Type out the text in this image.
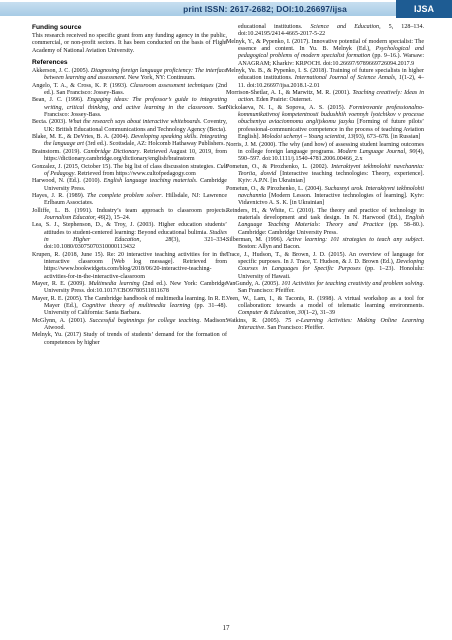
print ISSN: 2617-2682; DOI:10.26697/ijsa	IJSA
Funding source

This research received no specific grant from any funding agency in the public, commercial, or non-profit sectors. It has been conducted on the basis of Flight Academy of National Aviation University.

References

Akkerson, J. C. (2005). Diagnosing foreign language proficiency: The interface between learning and assessment. New York, NY: Continuum.

Angelo, T. A., & Cross, K. P. (1993). Classroom assessment techniques (2nd ed.). San Francisco: Jossey-Bass.

Bean, J. C. (1996). Engaging ideas: The professor’s guide to integrating writing, critical thinking, and active learning in the classroom. San Francisco: Jossey-Bass.

Becta. (2003). What the research says about interactive whiteboards. Coventry, UK: British Educational Communications and Technology Agency (Becta).

Blake, M. E., & DeVries, B. A. (2004). Developing speaking skills. Integrating the language art (3rd ed.). Scottsdale, AZ: Holcomb Hathaway Publishers.

Brainstorm. (2019). Cambridge Dictionary. Retrieved August 10, 2019, from https://dictionary.cambridge.org/dictionary/english/brainstorm

Gonzalez, J. (2015, October 15). The big list of class discussion strategies. Cult of Pedagogy. Retrieved from https://www.cultofpedagogy.com

Harwood, N. (Ed.). (2010). English language teaching materials. Cambridge University Press.

Hayes, J. R. (1989). The complete problem solver. Hillsdale, NJ: Lawrence Erlbaum Associates.

Jolliffe, L. B. (1991). Industry’s team approach to classroom projects. Journalism Educator, 46(2), 15–24.

Lea, S. J., Stephenson, D., & Troy, J. (2003). Higher education students’ attitudes to student-centered learning: Beyond educational bulimia. Studies in Higher Education, 28(3), 321–334. doi:10.1080/03075070310000113432

Krupen, R. (2018, June 15). Re: 20 interactive teaching activities for in the interactive classroom [Web log message]. Retrieved from https://www.bookwidgets.com/blog/2018/06/20-interactive-teaching-activities-for-in-the-interactive-classroom

Mayer, R. E. (2009). Multimedia learning (2nd ed.). New York: Cambridge University Press. doi:10.1017/CBO9780511811678

Mayer, R. E. (2005). The Cambridge handbook of multimedia learning. In R. E. Mayer (Ed.), Cognitive theory of multimedia learning (pp. 31–48). University of California: Santa Barbara.

McGlynn, A. (2001). Successful beginnings for college teaching. Madison: Atwood.

Melnyk, Yu. (2017) Study of trends of students’ demand for the formation of competences by higher

educational institutions. Science and Education, 5, 128–134. doi:10.24195/2414-4665-2017-5-22

Melnyk, Y., & Pypenko, I. (2017). Innovative potential of modern specialist: The essence and content. In Yu. B. Melnyk (Ed.), Psychological and pedagogical problems of modern specialist formation (pp. 9–16.). Warsaw: ANAGRAM; Kharkiv: KRPOCH. doi:10.26697/9789669726094.2017.9

Melnyk, Yu. B., & Pypenko, I. S. (2018). Training of future specialists in higher education institutions. International Journal of Science Annals, 1(1-2), 4–11. doi:10.26697/ijsa.2018.1-2.01

Morrison-Shetlar, A. I., & Marwitz, M. R. (2001). Teaching creatively: Ideas in action. Eden Prairie: Outernet.

Nickolaeva, N. I., & Sopova, A. S. (2015). Formirovanie professionalno-kommunikativnoj kompetentnosti budushhih voennyh lyotchikov v processe obucheniya aviacionnomu anglijskomu jazyku [Forming of future pilots’ professional-communicative competence in the process of teaching Aviation English]. Molodoi uchenyi – Young scientist, 13(93), 673–678. [in Russian]

Norris, J. M. (2000). The why (and how) of assessing student learning outcomes in college foreign language programs. Modern Language Journal, 90(4), 590–597. doi:10.1111/j.1540-4781.2006.00466_2.x

Pometun, O., & Pirozhenko, L. (2002). Interaktyvni tekhnolohii navchannia: Teoriia, dosvid [Interactive teaching technologies: Theory, experience]. Kyiv: A.P.N. [in Ukrainian]

Pometun, O., & Pirozhenko, L. (2004). Suchasnyi urok. Interaktyvni tekhnolohii navchannia [Modern Lesson. Interactive technologies of learning]. Kyiv: Vidavnictvo A. S. K. [in Ukrainian]

Reinders, H., & White, C. (2010). The theory and practice of technology in materials development and task design. In N. Harwood (Ed.), English Language Teaching Materials: Theory and Practice (pp. 58–80.). Cambridge: Cambridge University Press.

Silberman, M. (1996). Active learning: 101 strategies to teach any subject. Boston: Allyn and Bacon.

Trace, J., Hudson, T., & Brown, J. D. (2015). An overview of language for specific purposes. In J. Trace, T. Hudson, & J. D. Brown (Ed.), Developing Courses in Languages for Specific Purposes (pp. 1–23). Honolulu: University of Hawaii.

VanGundy, A. (2005). 101 Activities for teaching creativity and problem solving. San Francisco: Pfeiffer.

Veen, W., Lam, I., & Taconis, R. (1998). A virtual workshop as a tool for collaboration: towards a model of telematic learning environments. Computer & Education, 30(1–2), 31–39

Watkins, R. (2005). 75 e-Learning Activities: Making Online Learning Interactive. San Francisco: Pfeiffer.

17
